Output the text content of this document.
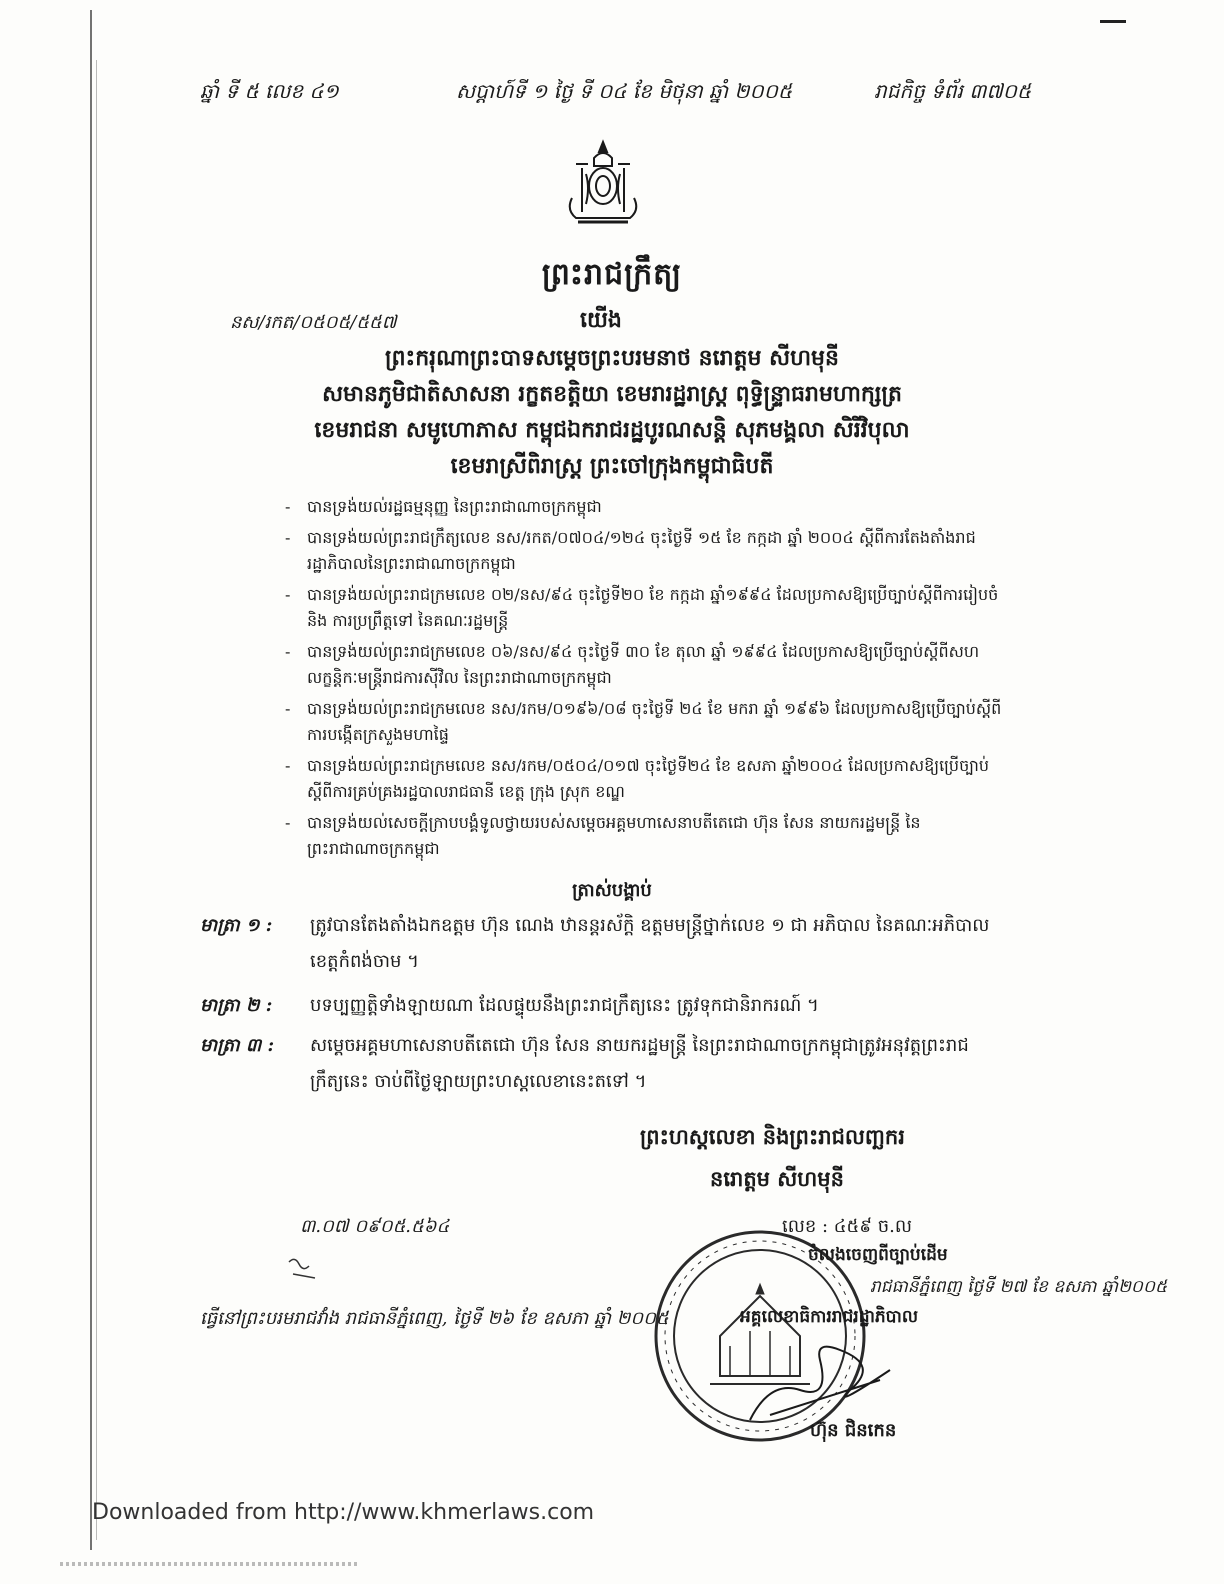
ឆ្នាំ ទី ៥ លេខ ៤១	សប្តាហ៍ទី ១ ថ្ងៃ ទី ០៤ ខែ មិថុនា ឆ្នាំ ២០០៥	រាជកិច្ច ទំព័រ ៣៧០៥
ព្រះរាជក្រឹត្យ
នស/រកត/០៥០៥/៥៥៧	យើង
ព្រះករុណាព្រះបាទសម្តេចព្រះបរមនាថ នរោត្តម សីហមុនី
សមានភូមិជាតិសាសនា រក្ខតខត្តិយា ខេមរារដ្ឋរាស្ត្រ ពុទ្ធិន្ទ្រាធរាមហាក្សត្រ
ខេមរាជនា សមូហោភាស កម្ពុជឯករាជរដ្ឋបូរណសន្តិ សុភមង្គលា សិរីវិបុលា
ខេមរាស្រីពិរាស្ត្រ ព្រះចៅក្រុងកម្ពុជាធិបតី
- បានទ្រង់យល់រដ្ឋធម្មនុញ្ញ នៃព្រះរាជាណាចក្រកម្ពុជា
- បានទ្រង់យល់ព្រះរាជក្រឹត្យលេខ នស/រកត/០៧០៤/១២៤ ចុះថ្ងៃទី ១៥ ខែ កក្កដា ឆ្នាំ ២០០៤ ស្តីពីការតែងតាំងរាជរដ្ឋាភិបាលនៃព្រះរាជាណាចក្រកម្ពុជា
- បានទ្រង់យល់ព្រះរាជក្រមលេខ ០២/នស/៩៤ ចុះថ្ងៃទី២០ ខែ កក្កដា ឆ្នាំ១៩៩៤ ដែលប្រកាសឱ្យប្រើច្បាប់ស្តីពីការរៀបចំ និង ការប្រព្រឹត្តទៅ នៃគណៈរដ្ឋមន្ត្រី
- បានទ្រង់យល់ព្រះរាជក្រមលេខ ០៦/នស/៩៤ ចុះថ្ងៃទី ៣០ ខែ តុលា ឆ្នាំ ១៩៩៤ ដែលប្រកាសឱ្យប្រើច្បាប់ស្តីពីសហលក្ខន្តិកៈមន្ត្រីរាជការស៊ីវិល នៃព្រះរាជាណាចក្រកម្ពុជា
- បានទ្រង់យល់ព្រះរាជក្រមលេខ នស/រកម/០១៩៦/០៨ ចុះថ្ងៃទី ២៤ ខែ មករា ឆ្នាំ ១៩៩៦ ដែលប្រកាសឱ្យប្រើច្បាប់ស្តីពីការបង្កើតក្រសួងមហាផ្ទៃ
- បានទ្រង់យល់ព្រះរាជក្រមលេខ នស/រកម/០៥០៤/០១៧ ចុះថ្ងៃទី២៤ ខែ ឧសភា ឆ្នាំ២០០៤ ដែលប្រកាសឱ្យប្រើច្បាប់ស្តីពីការគ្រប់គ្រងរដ្ឋបាលរាជធានី ខេត្ត ក្រុង ស្រុក ខណ្ឌ
- បានទ្រង់យល់សេចក្តីក្រាបបង្គំទូលថ្វាយរបស់សម្តេចអគ្គមហាសេនាបតីតេជោ ហ៊ុន សែន នាយករដ្ឋមន្ត្រី នៃព្រះរាជាណាចក្រកម្ពុជា
ត្រាស់បង្គាប់
មាត្រា ១ : ត្រូវបានតែងតាំងឯកឧត្តម ហ៊ុន ណេង ឋានន្តរស័ក្តិ ឧត្តមមន្ត្រីថ្នាក់លេខ ១ ជា អភិបាល នៃគណៈអភិបាលខេត្តកំពង់ចាម ។
មាត្រា ២ : បទប្បញ្ញត្តិទាំងឡាយណា ដែលផ្ទុយនឹងព្រះរាជក្រឹត្យនេះ ត្រូវទុកជានិរាករណ៍ ។
មាត្រា ៣ : សម្តេចអគ្គមហាសេនាបតីតេជោ ហ៊ុន សែន នាយករដ្ឋមន្ត្រី នៃព្រះរាជាណាចក្រកម្ពុជាត្រូវអនុវត្តព្រះរាជក្រឹត្យនេះ ចាប់ពីថ្ងៃឡាយព្រះហស្តលេខានេះតទៅ ។
ព្រះហស្តលេខា និងព្រះរាជលញ្ឆករ
នរោត្តម សីហមុនី
៣.០៧ ០៩០៥.៥៦៤	លេខ : ៤៥៩ ច.ល
ចំលងចេញពីច្បាប់ដើម
រាជធានីភ្នំពេញ ថ្ងៃទី ២៧ ខែ ឧសភា ឆ្នាំ២០០៥
ធ្វើនៅព្រះបរមរាជវាំង រាជធានីភ្នំពេញ, ថ្ងៃទី ២៦ ខែ ឧសភា ឆ្នាំ ២០០៥	អគ្គលេខាធិការរាជរដ្ឋាភិបាល
ហ៊ុន ជិនកេន
Downloaded from http://www.khmerlaws.com
